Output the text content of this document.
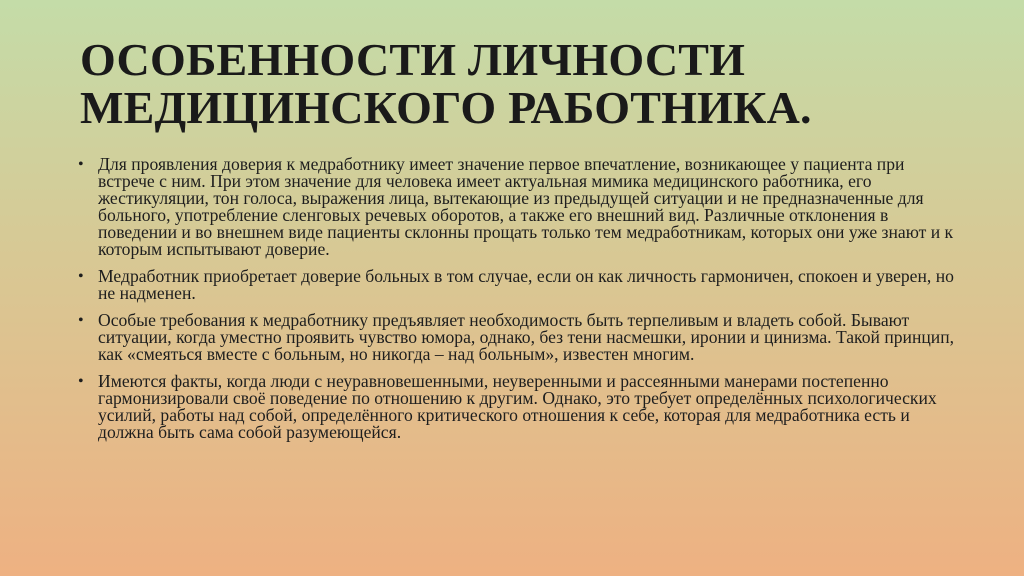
ОСОБЕННОСТИ ЛИЧНОСТИ МЕДИЦИНСКОГО РАБОТНИКА.
• Для проявления доверия к медработнику имеет значение первое впечатление, возникающее у пациента при встрече с ним. При этом значение для человека имеет актуальная мимика медицинского работника, его жестикуляции, тон голоса, выражения лица, вытекающие из предыдущей ситуации и не предназначенные для больного, употребление сленговых речевых оборотов, а также его внешний вид. Различные отклонения в поведении и во внешнем виде пациенты склонны прощать только тем медработникам, которых они уже знают и к которым испытывают доверие.
• Медработник приобретает доверие больных в том случае, если он как личность гармоничен, спокоен и уверен, но не надменен.
• Особые требования к медработнику предъявляет необходимость быть терпеливым и владеть собой. Бывают ситуации, когда уместно проявить чувство юмора, однако, без тени насмешки, иронии и цинизма. Такой принцип, как «смеяться вместе с больным, но никогда – над больным», известен многим.
• Имеются факты, когда люди с неуравновешенными, неуверенными и рассеянными манерами постепенно гармонизировали своё поведение по отношению к другим. Однако, это требует определённых психологических усилий, работы над собой, определённого критического отношения к себе, которая для медработника есть и должна быть сама собой разумеющейся.
